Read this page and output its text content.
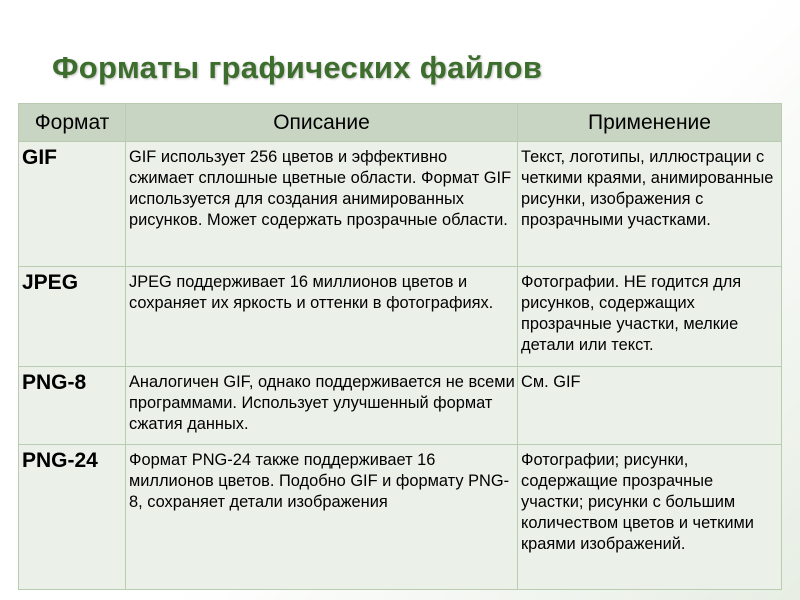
Форматы графических файлов
Формат	Описание	Применение
GIF	GIF использует 256 цветов и эффективно сжимает сплошные цветные области. Формат GIF используется для создания анимированных рисунков. Может содержать прозрачные области.	Текст, логотипы, иллюстрации с четкими краями, анимированные рисунки, изображения с прозрачными участками.
JPEG	JPEG поддерживает 16 миллионов цветов и сохраняет их яркость и оттенки в фотографиях.	Фотографии. НЕ годится для рисунков, содержащих прозрачные участки, мелкие детали или текст.
PNG-8	Аналогичен GIF, однако поддерживается не всеми программами. Использует улучшенный формат сжатия данных.	См. GIF
PNG-24	Формат PNG-24 также поддерживает 16 миллионов цветов. Подобно GIF и формату PNG-8, сохраняет детали изображения	Фотографии; рисунки, содержащие прозрачные участки; рисунки с большим количеством цветов и четкими краями изображений.
